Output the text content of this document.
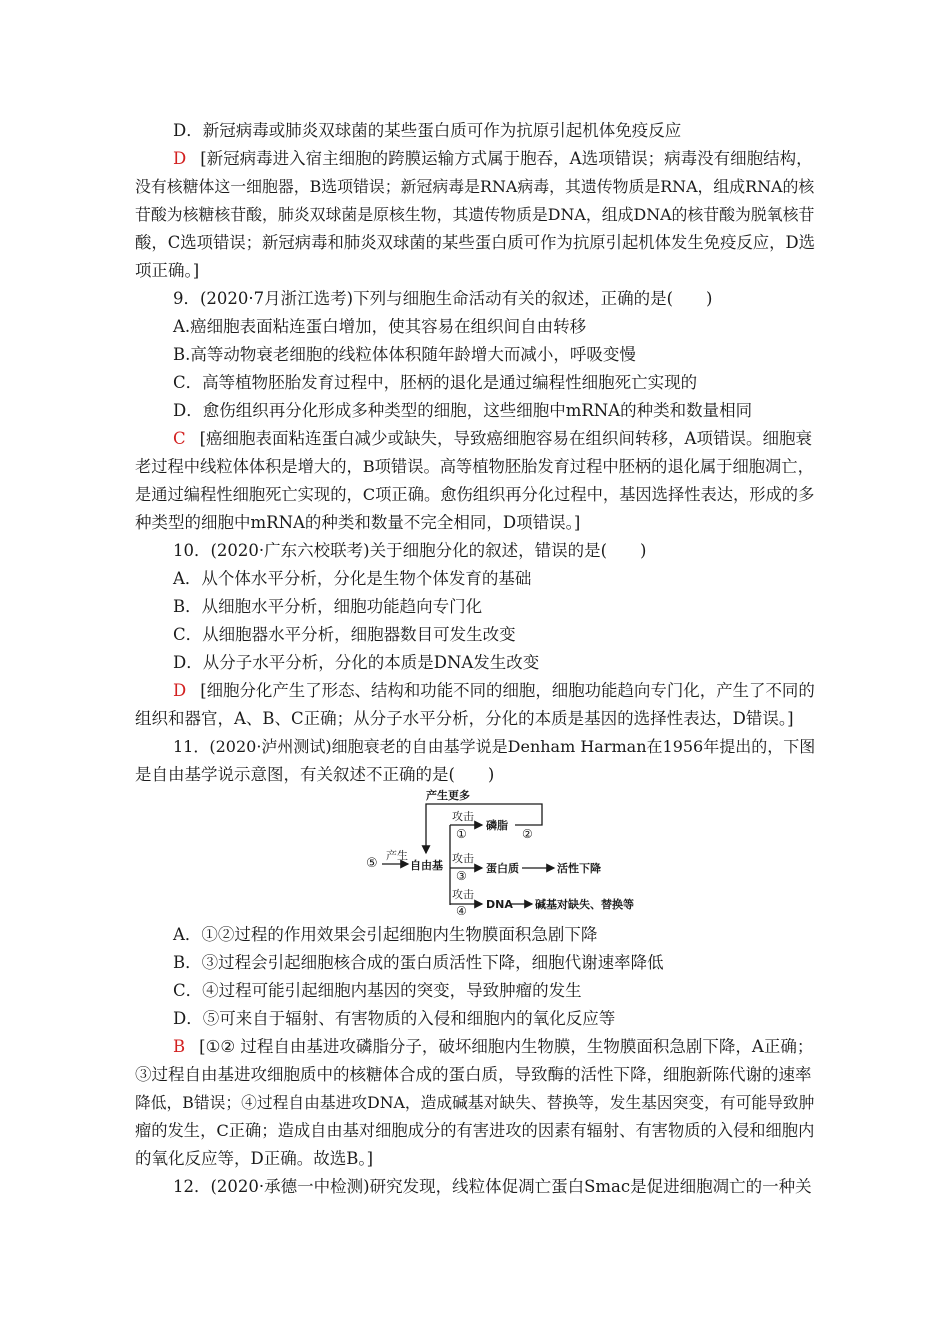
D．新冠病毒或肺炎双球菌的某些蛋白质可作为抗原引起机体免疫反应
D [新冠病毒进入宿主细胞的跨膜运输方式属于胞吞，A选项错误；病毒没有细胞结构，
没有核糖体这一细胞器，B选项错误；新冠病毒是RNA病毒，其遗传物质是RNA，组成RNA的核
苷酸为核糖核苷酸，肺炎双球菌是原核生物，其遗传物质是DNA，组成DNA的核苷酸为脱氧核苷
酸，C选项错误；新冠病毒和肺炎双球菌的某些蛋白质可作为抗原引起机体发生免疫反应，D选
项正确。]
9．(2020·7月浙江选考)下列与细胞生命活动有关的叙述，正确的是(　　)
A.癌细胞表面粘连蛋白增加，使其容易在组织间自由转移
B.高等动物衰老细胞的线粒体体积随年龄增大而减小，呼吸变慢
C．高等植物胚胎发育过程中，胚柄的退化是通过编程性细胞死亡实现的
D．愈伤组织再分化形成多种类型的细胞，这些细胞中mRNA的种类和数量相同
C [癌细胞表面粘连蛋白减少或缺失，导致癌细胞容易在组织间转移，A项错误。细胞衰
老过程中线粒体体积是增大的，B项错误。高等植物胚胎发育过程中胚柄的退化属于细胞凋亡，
是通过编程性细胞死亡实现的，C项正确。愈伤组织再分化过程中，基因选择性表达，形成的多
种类型的细胞中mRNA的种类和数量不完全相同，D项错误。]
10．(2020·广东六校联考)关于细胞分化的叙述，错误的是(　　)
A．从个体水平分析，分化是生物个体发育的基础
B．从细胞水平分析，细胞功能趋向专门化
C．从细胞器水平分析，细胞器数目可发生改变
D．从分子水平分析，分化的本质是DNA发生改变
D [细胞分化产生了形态、结构和功能不同的细胞，细胞功能趋向专门化，产生了不同的
组织和器官，A、B、C正确；从分子水平分析，分化的本质是基因的选择性表达，D错误。]
11．(2020·泸州测试)细胞衰老的自由基学说是Denham Harman在1956年提出的，下图
是自由基学说示意图，有关叙述不正确的是(　　)
产生更多
⑤
产生
自由基
攻击
①
磷脂
②
攻击
③
蛋白质	活性下降
攻击
④ DNA 碱基对缺失、替换等
A．①②过程的作用效果会引起细胞内生物膜面积急剧下降
B．③过程会引起细胞核合成的蛋白质活性下降，细胞代谢速率降低
C．④过程可能引起细胞内基因的突变，导致肿瘤的发生
D．⑤可来自于辐射、有害物质的入侵和细胞内的氧化反应等
B [①② 过程自由基进攻磷脂分子，破坏细胞内生物膜，生物膜面积急剧下降，A正确；
③过程自由基进攻细胞质中的核糖体合成的蛋白质，导致酶的活性下降，细胞新陈代谢的速率
降低，B错误；④过程自由基进攻DNA，造成碱基对缺失、替换等，发生基因突变，有可能导致肿
瘤的发生，C正确；造成自由基对细胞成分的有害进攻的因素有辐射、有害物质的入侵和细胞内
的氧化反应等，D正确。故选B。]
12．(2020·承德一中检测)研究发现，线粒体促凋亡蛋白Smac是促进细胞凋亡的一种关
